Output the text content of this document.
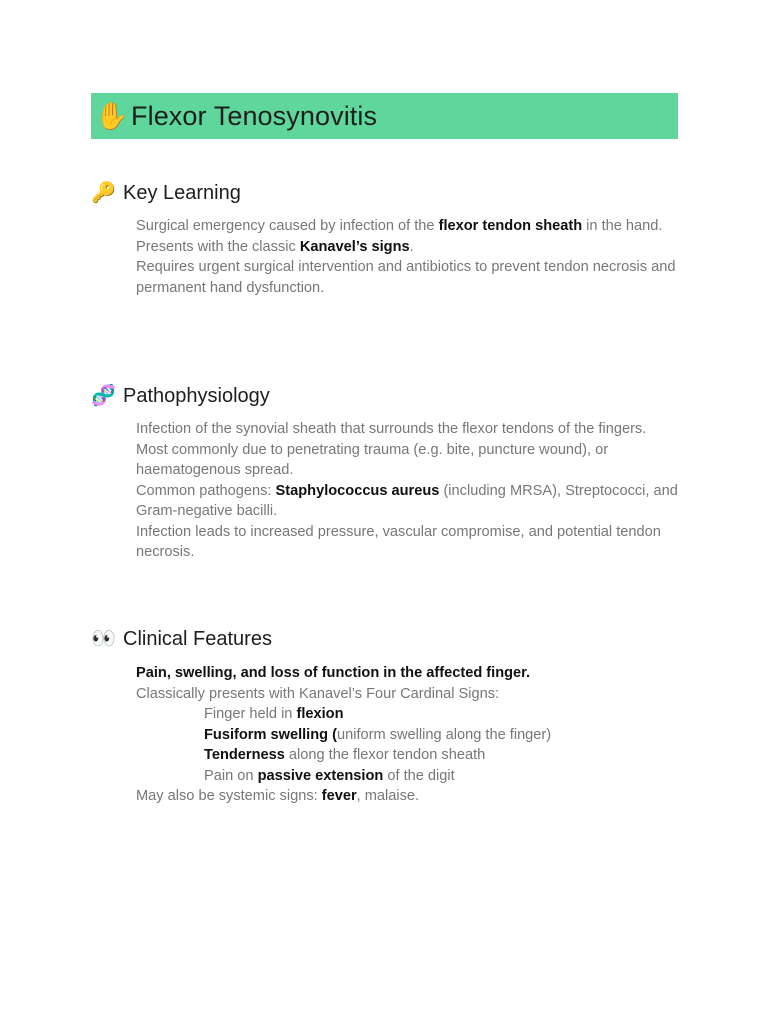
✋ Flexor Tenosynovitis
🔑 Key Learning

Surgical emergency caused by infection of the flexor tendon sheath in the hand.

Presents with the classic Kanavel’s signs.

Requires urgent surgical intervention and antibiotics to prevent tendon necrosis and permanent hand dysfunction.

🧬 Pathophysiology

Infection of the synovial sheath that surrounds the flexor tendons of the fingers.

Most commonly due to penetrating trauma (e.g. bite, puncture wound), or haematogenous spread.

Common pathogens: Staphylococcus aureus (including MRSA), Streptococci, and Gram-negative bacilli.

Infection leads to increased pressure, vascular compromise, and potential tendon necrosis.

👀 Clinical Features

Pain, swelling, and loss of function in the affected finger.

Classically presents with Kanavel’s Four Cardinal Signs:

Finger held in flexion

Fusiform swelling (uniform swelling along the finger)

Tenderness along the flexor tendon sheath

Pain on passive extension of the digit

May also be systemic signs: fever, malaise.
